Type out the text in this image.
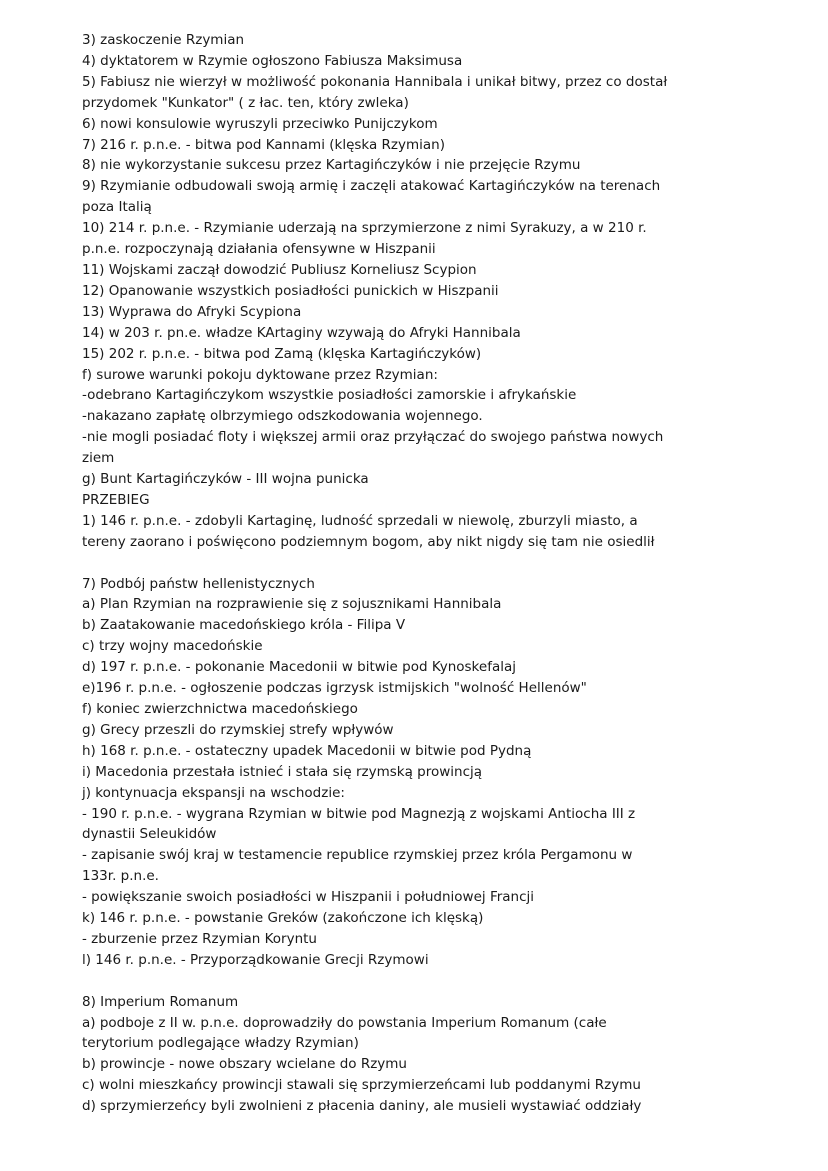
3) zaskoczenie Rzymian
4) dyktatorem w Rzymie ogłoszono Fabiusza Maksimusa
5) Fabiusz nie wierzył w możliwość pokonania Hannibala i unikał bitwy, przez co dostał
przydomek "Kunkator" ( z łac. ten, który zwleka)
6) nowi konsulowie wyruszyli przeciwko Punijczykom
7) 216 r. p.n.e. - bitwa pod Kannami (klęska Rzymian)
8) nie wykorzystanie sukcesu przez Kartagińczyków i nie przejęcie Rzymu
9) Rzymianie odbudowali swoją armię i zaczęli atakować Kartagińczyków na terenach
poza Italią
10) 214 r. p.n.e. - Rzymianie uderzają na sprzymierzone z nimi Syrakuzy, a w 210 r.
p.n.e. rozpoczynają działania ofensywne w Hiszpanii
11) Wojskami zaczął dowodzić Publiusz Korneliusz Scypion
12) Opanowanie wszystkich posiadłości punickich w Hiszpanii
13) Wyprawa do Afryki Scypiona
14) w 203 r. pn.e. władze KArtaginy wzywają do Afryki Hannibala
15) 202 r. p.n.e. - bitwa pod Zamą (klęska Kartagińczyków)
f) surowe warunki pokoju dyktowane przez Rzymian:
-odebrano Kartagińczykom wszystkie posiadłości zamorskie i afrykańskie
-nakazano zapłatę olbrzymiego odszkodowania wojennego.
-nie mogli posiadać floty i większej armii oraz przyłączać do swojego państwa nowych
ziem
g) Bunt Kartagińczyków - III wojna punicka
PRZEBIEG
1) 146 r. p.n.e. - zdobyli Kartaginę, ludność sprzedali w niewolę, zburzyli miasto, a
tereny zaorano i poświęcono podziemnym bogom, aby nikt nigdy się tam nie osiedlił
7) Podbój państw hellenistycznych
a) Plan Rzymian na rozprawienie się z sojusznikami Hannibala
b) Zaatakowanie macedońskiego króla - Filipa V
c) trzy wojny macedońskie
d) 197 r. p.n.e. - pokonanie Macedonii w bitwie pod Kynoskefalaj
e)196 r. p.n.e. - ogłoszenie podczas igrzysk istmijskich "wolność Hellenów"
f) koniec zwierzchnictwa macedońskiego
g) Grecy przeszli do rzymskiej strefy wpływów
h) 168 r. p.n.e. - ostateczny upadek Macedonii w bitwie pod Pydną
i) Macedonia przestała istnieć i stała się rzymską prowincją
j) kontynuacja ekspansji na wschodzie:
- 190 r. p.n.e. - wygrana Rzymian w bitwie pod Magnezją z wojskami Antiocha III z
dynastii Seleukidów
- zapisanie swój kraj w testamencie republice rzymskiej przez króla Pergamonu w
133r. p.n.e.
- powiększanie swoich posiadłości w Hiszpanii i południowej Francji
k) 146 r. p.n.e. - powstanie Greków (zakończone ich klęską)
- zburzenie przez Rzymian Koryntu
l) 146 r. p.n.e. - Przyporządkowanie Grecji Rzymowi
8) Imperium Romanum
a) podboje z II w. p.n.e. doprowadziły do powstania Imperium Romanum (całe
terytorium podlegające władzy Rzymian)
b) prowincje - nowe obszary wcielane do Rzymu
c) wolni mieszkańcy prowincji stawali się sprzymierzeńcami lub poddanymi Rzymu
d) sprzymierzeńcy byli zwolnieni z płacenia daniny, ale musieli wystawiać oddziały
